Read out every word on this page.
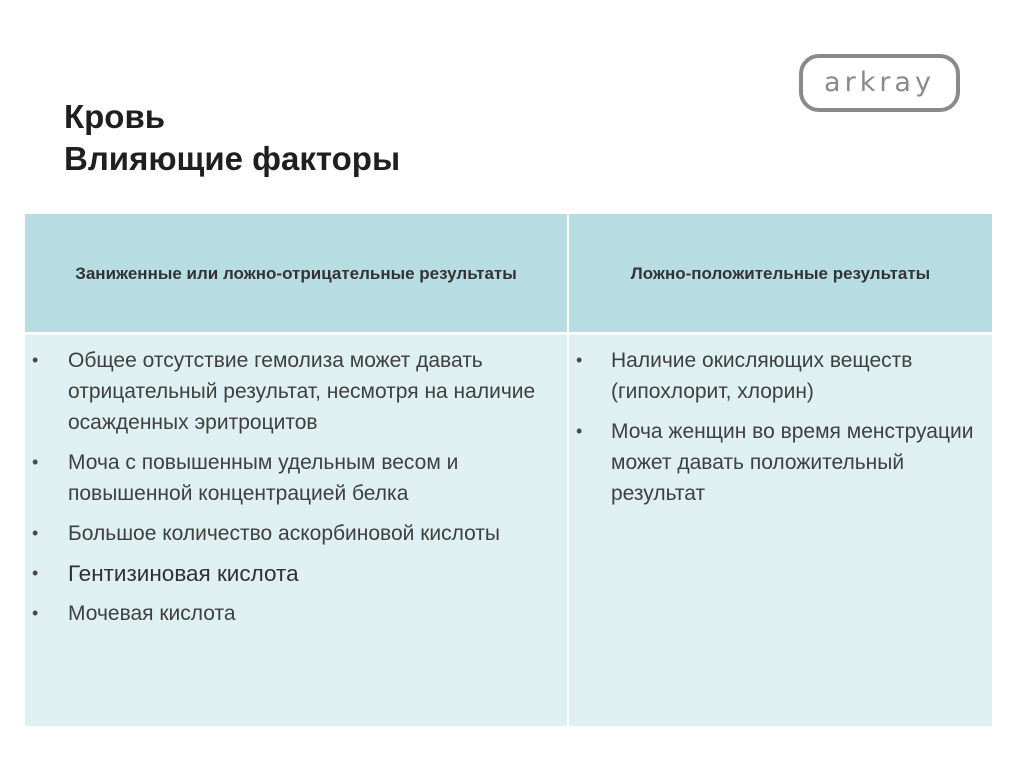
Кровь
Влияющие факторы
arkray
Заниженные или ложно-отрицательные результаты	Ложно-положительные результаты
• Общее отсутствие гемолиза может давать отрицательный результат, несмотря на наличие осажденных эритроцитов
• Моча с повышенным удельным весом и повышенной концентрацией белка
• Большое количество аскорбиновой кислоты
• Гентизиновая кислота
• Мочевая кислота
• Наличие окисляющих веществ (гипохлорит, хлорин)
• Моча женщин во время менструации может давать положительный результат
